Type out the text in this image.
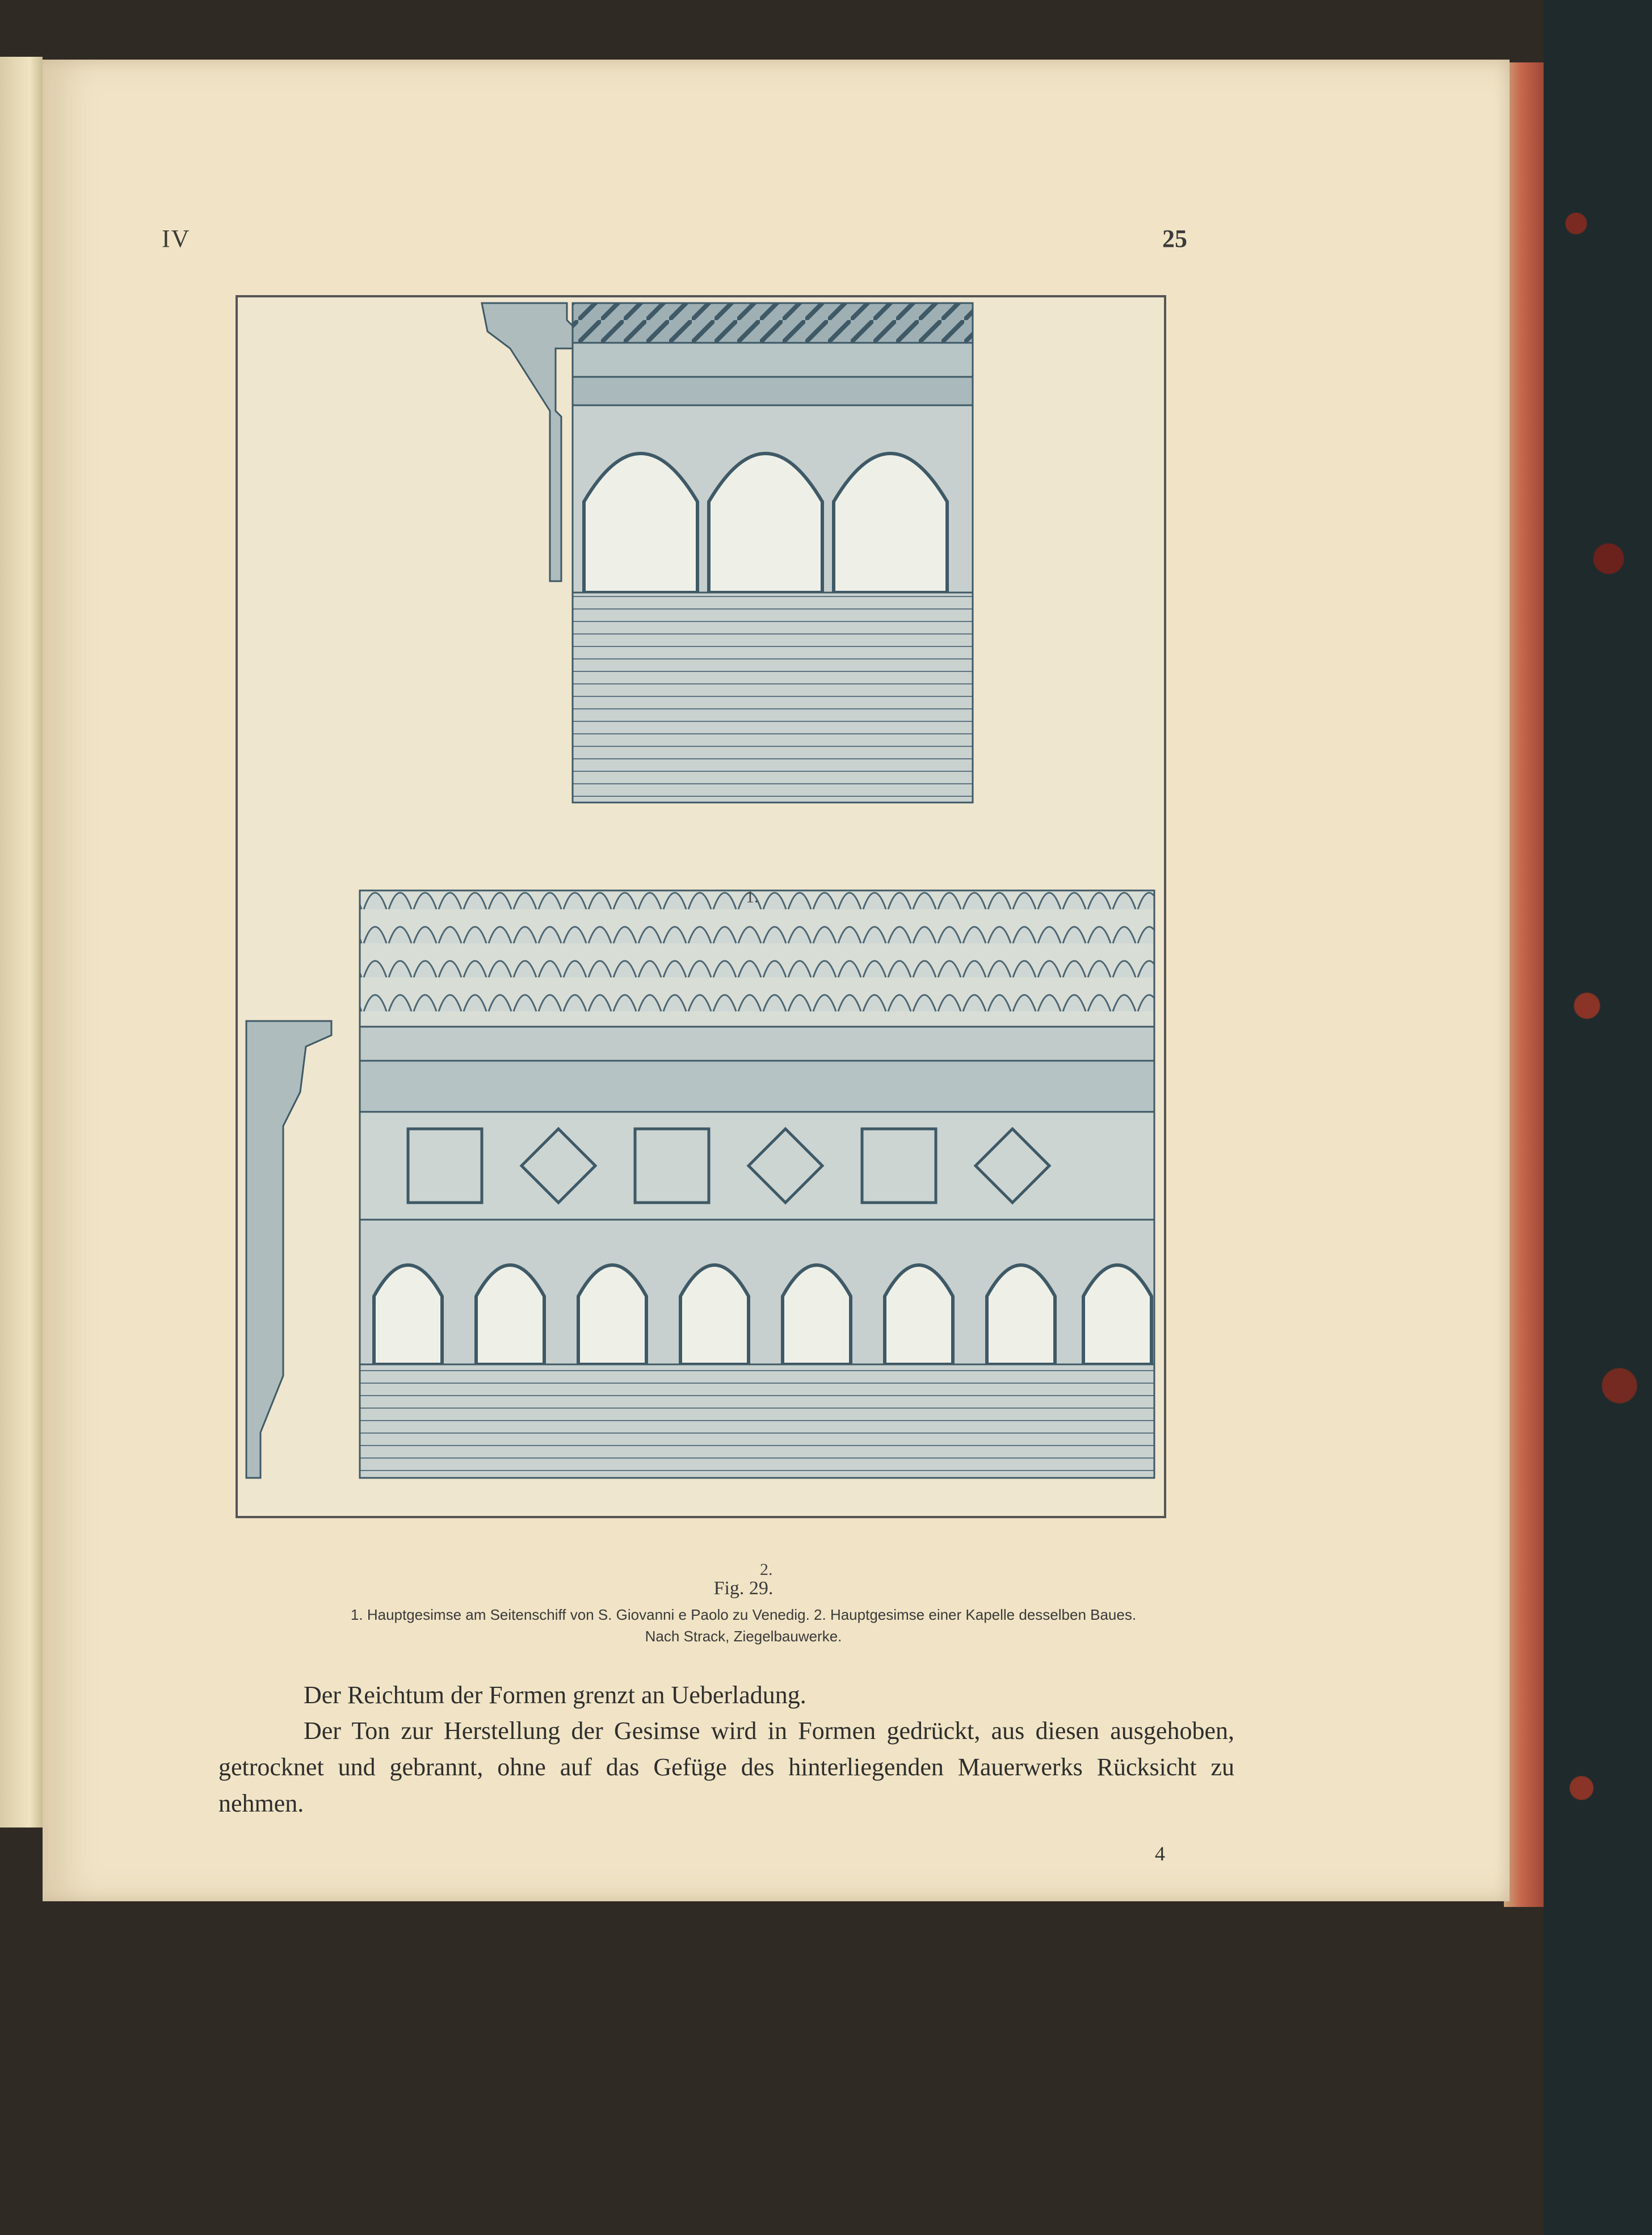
IV	25
1.
2.
Fig. 29.
1. Hauptgesimse am Seitenschiff von S. Giovanni e Paolo zu Venedig. 2. Hauptgesimse einer Kapelle desselben Baues.
Nach Strack, Ziegelbauwerke.
Der Reichtum der Formen grenzt an Ueberladung.
Der Ton zur Herstellung der Gesimse wird in Formen gedrückt, aus diesen ausgehoben, getrocknet und gebrannt, ohne auf das Gefüge des hinterliegenden Mauerwerks Rücksicht zu nehmen.
4
